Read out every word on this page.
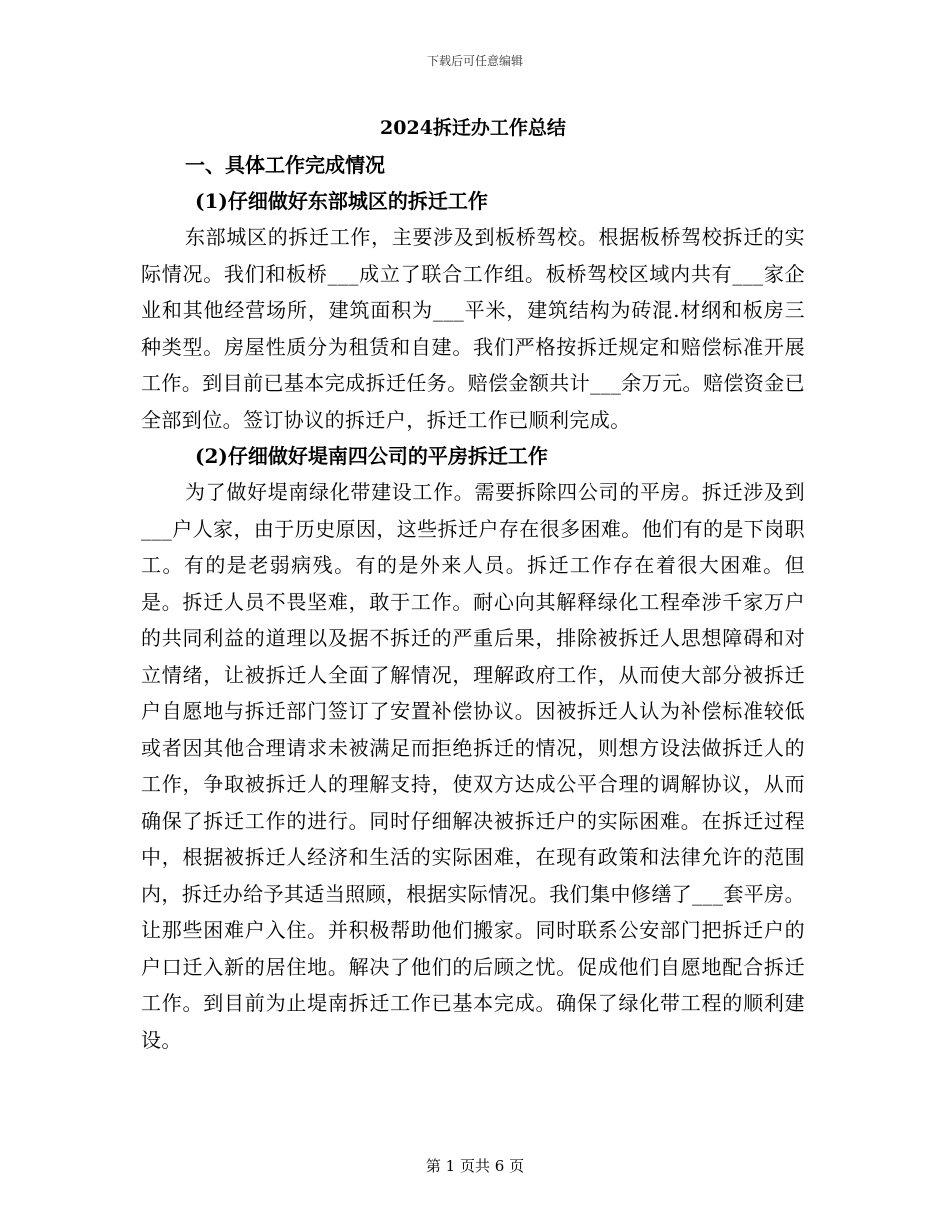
下载后可任意编辑
2024拆迁办工作总结
一、具体工作完成情况
(1)仔细做好东部城区的拆迁工作

东部城区的拆迁工作，主要涉及到板桥驾校。根据板桥驾校拆迁的实际情况。我们和板桥___成立了联合工作组。板桥驾校区域内共有___家企业和其他经营场所，建筑面积为___平米，建筑结构为砖混.材纲和板房三种类型。房屋性质分为租赁和自建。我们严格按拆迁规定和赔偿标准开展工作。到目前已基本完成拆迁任务。赔偿金额共计___余万元。赔偿资金已全部到位。签订协议的拆迁户，拆迁工作已顺利完成。

(2)仔细做好堤南四公司的平房拆迁工作

为了做好堤南绿化带建设工作。需要拆除四公司的平房。拆迁涉及到___户人家，由于历史原因，这些拆迁户存在很多困难。他们有的是下岗职工。有的是老弱病残。有的是外来人员。拆迁工作存在着很大困难。但是。拆迁人员不畏坚难，敢于工作。耐心向其解释绿化工程牵涉千家万户的共同利益的道理以及据不拆迁的严重后果，排除被拆迁人思想障碍和对立情绪，让被拆迁人全面了解情况，理解政府工作，从而使大部分被拆迁户自愿地与拆迁部门签订了安置补偿协议。因被拆迁人认为补偿标准较低或者因其他合理请求未被满足而拒绝拆迁的情况，则想方设法做拆迁人的工作，争取被拆迁人的理解支持，使双方达成公平合理的调解协议，从而确保了拆迁工作的进行。同时仔细解决被拆迁户的实际困难。在拆迁过程中，根据被拆迁人经济和生活的实际困难，在现有政策和法律允许的范围内，拆迁办给予其适当照顾，根据实际情况。我们集中修缮了___套平房。让那些困难户入住。并积极帮助他们搬家。同时联系公安部门把拆迁户的户口迁入新的居住地。解决了他们的后顾之忧。促成他们自愿地配合拆迁工作。到目前为止堤南拆迁工作已基本完成。确保了绿化带工程的顺利建设。

第 1 页共 6 页
